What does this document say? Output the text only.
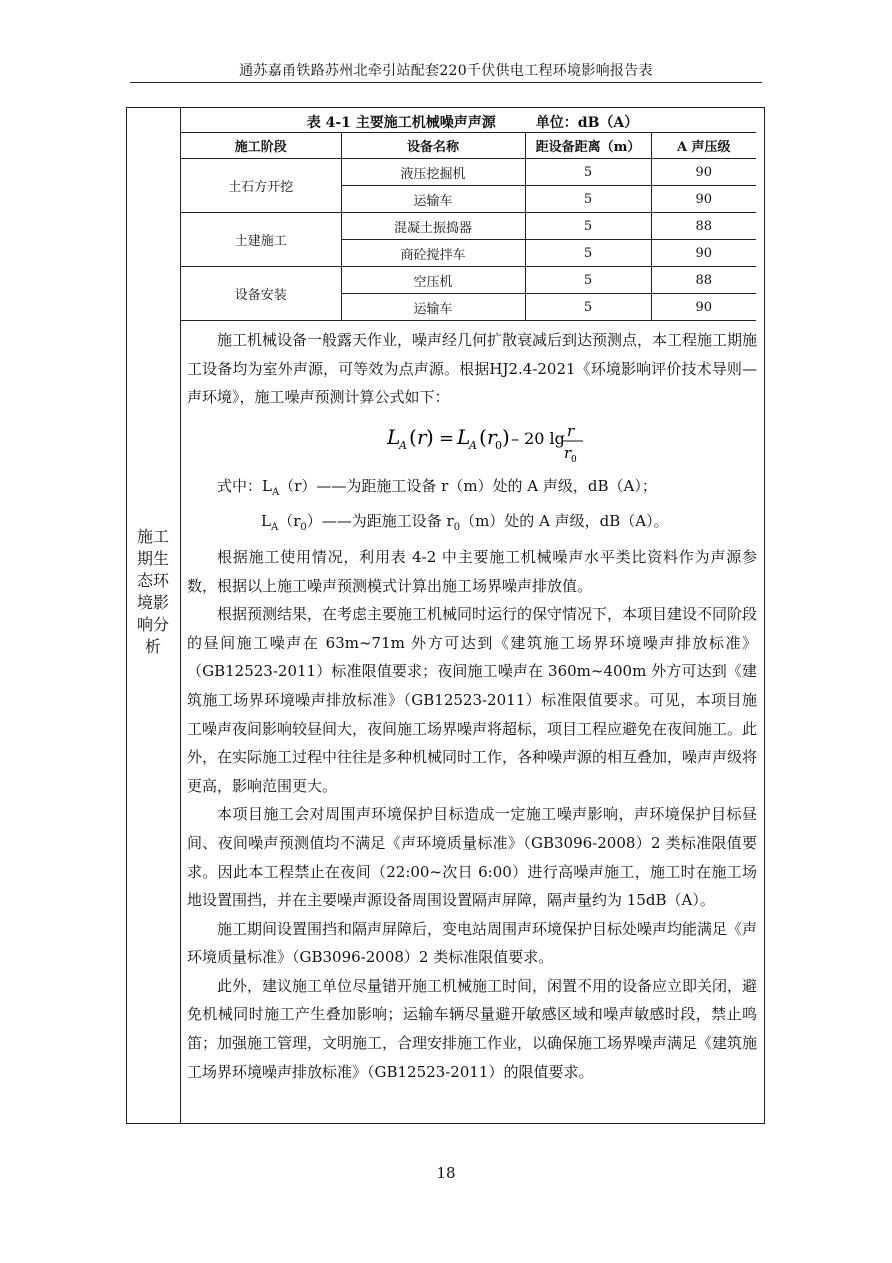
通苏嘉甬铁路苏州北牵引站配套220千伏供电工程环境影响报告表
施工期生态环境影响分析
表 4-1 主要施工机械噪声声源	单位：dB（A）
施工阶段	设备名称	距设备距离（m）	A 声压级
土石方开挖	液压挖掘机	5	90
	运输车	5	90
土建施工	混凝土振捣器	5	88
	商砼搅拌车	5	90
设备安装	空压机	5	88
	运输车	5	90

施工机械设备一般露天作业，噪声经几何扩散衰减后到达预测点，本工程施工期施工设备均为室外声源，可等效为点声源。根据HJ2.4-2021《环境影响评价技术导则—声环境》，施工噪声预测计算公式如下：

L
A ( r ) = L
A ( r
0 ) – 20 lg r
r 0
式中：$L_A(r)——$为距施工设备 r（m）处的 A 声级，dB（A）；
$L_A(r_0)——$为距施工设备 $r_0(m)$处的 A 声级，dB（A）。

根据施工使用情况，利用表 4-2 中主要施工机械噪声水平类比资料作为声源参数，根据以上施工噪声预测模式计算出施工场界噪声排放值。

根据预测结果，在考虑主要施工机械同时运行的保守情况下，本项目建设不同阶段的昼间施工噪声在 63m~71m 外方可达到《建筑施工场界环境噪声排放标准》（GB12523-2011）标准限值要求；夜间施工噪声在 360m~400m 外方可达到《建筑施工场界环境噪声排放标准》（GB12523-2011）标准限值要求。可见，本项目施工噪声夜间影响较昼间大，夜间施工场界噪声将超标，项目工程应避免在夜间施工。此外，在实际施工过程中往往是多种机械同时工作，各种噪声源的相互叠加，噪声声级将更高，影响范围更大。

本项目施工会对周围声环境保护目标造成一定施工噪声影响，声环境保护目标昼间、夜间噪声预测值均不满足《声环境质量标准》（GB3096-2008）2 类标准限值要求。因此本工程禁止在夜间（22:00~次日 6:00）进行高噪声施工，施工时在施工场地设置围挡，并在主要噪声源设备周围设置隔声屏障，隔声量约为 15dB（A）。

施工期间设置围挡和隔声屏障后，变电站周围声环境保护目标处噪声均能满足《声环境质量标准》（GB3096-2008）2 类标准限值要求。

此外，建议施工单位尽量错开施工机械施工时间，闲置不用的设备应立即关闭，避免机械同时施工产生叠加影响；运输车辆尽量避开敏感区域和噪声敏感时段，禁止鸣笛；加强施工管理，文明施工，合理安排施工作业，以确保施工场界噪声满足《建筑施工场界环境噪声排放标准》（GB12523-2011）的限值要求。

18
